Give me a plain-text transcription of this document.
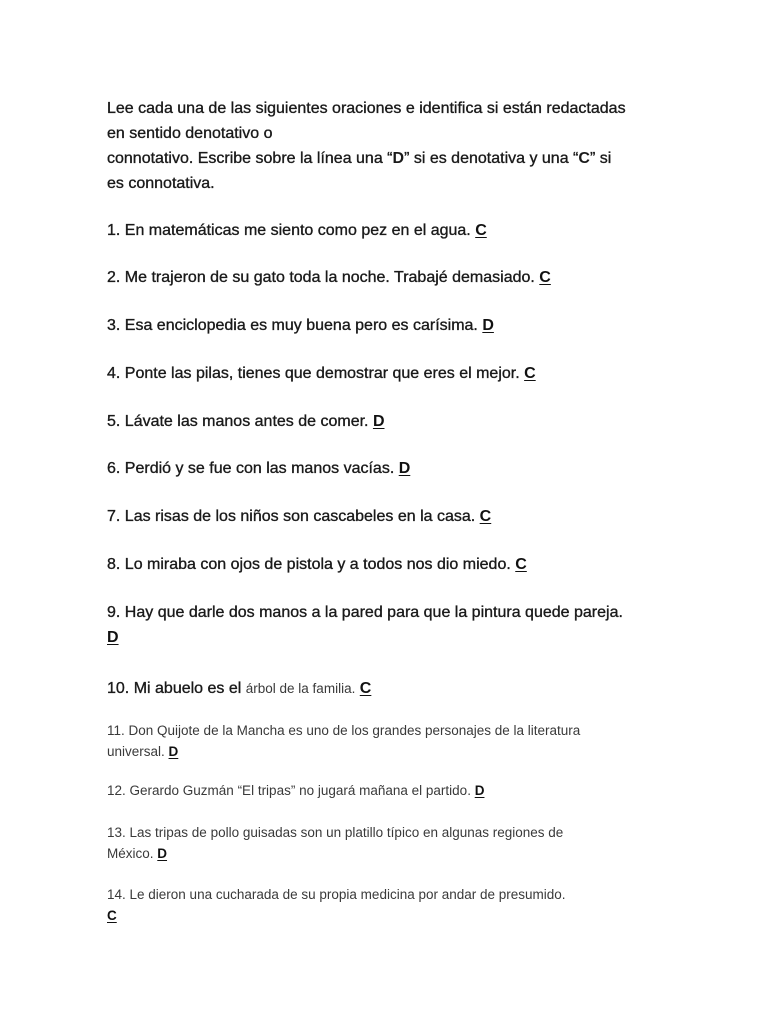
Lee cada una de las siguientes oraciones e identifica si están redactadas
en sentido denotativo o
connotativo. Escribe sobre la línea una “D” si es denotativa y una “C” si
es connotativa.
1. En matemáticas me siento como pez en el agua. C
2. Me trajeron de su gato toda la noche. Trabajé demasiado. C
3. Esa enciclopedia es muy buena pero es carísima. D
4. Ponte las pilas, tienes que demostrar que eres el mejor. C
5. Lávate las manos antes de comer. D
6. Perdió y se fue con las manos vacías. D
7. Las risas de los niños son cascabeles en la casa. C
8. Lo miraba con ojos de pistola y a todos nos dio miedo. C
9. Hay que darle dos manos a la pared para que la pintura quede pareja.
D
10. Mi abuelo es el árbol de la familia. C
11. Don Quijote de la Mancha es uno de los grandes personajes de la literatura
universal. D
12. Gerardo Guzmán “El tripas” no jugará mañana el partido. D
13. Las tripas de pollo guisadas son un platillo típico en algunas regiones de
México. D
14. Le dieron una cucharada de su propia medicina por andar de presumido.
C
